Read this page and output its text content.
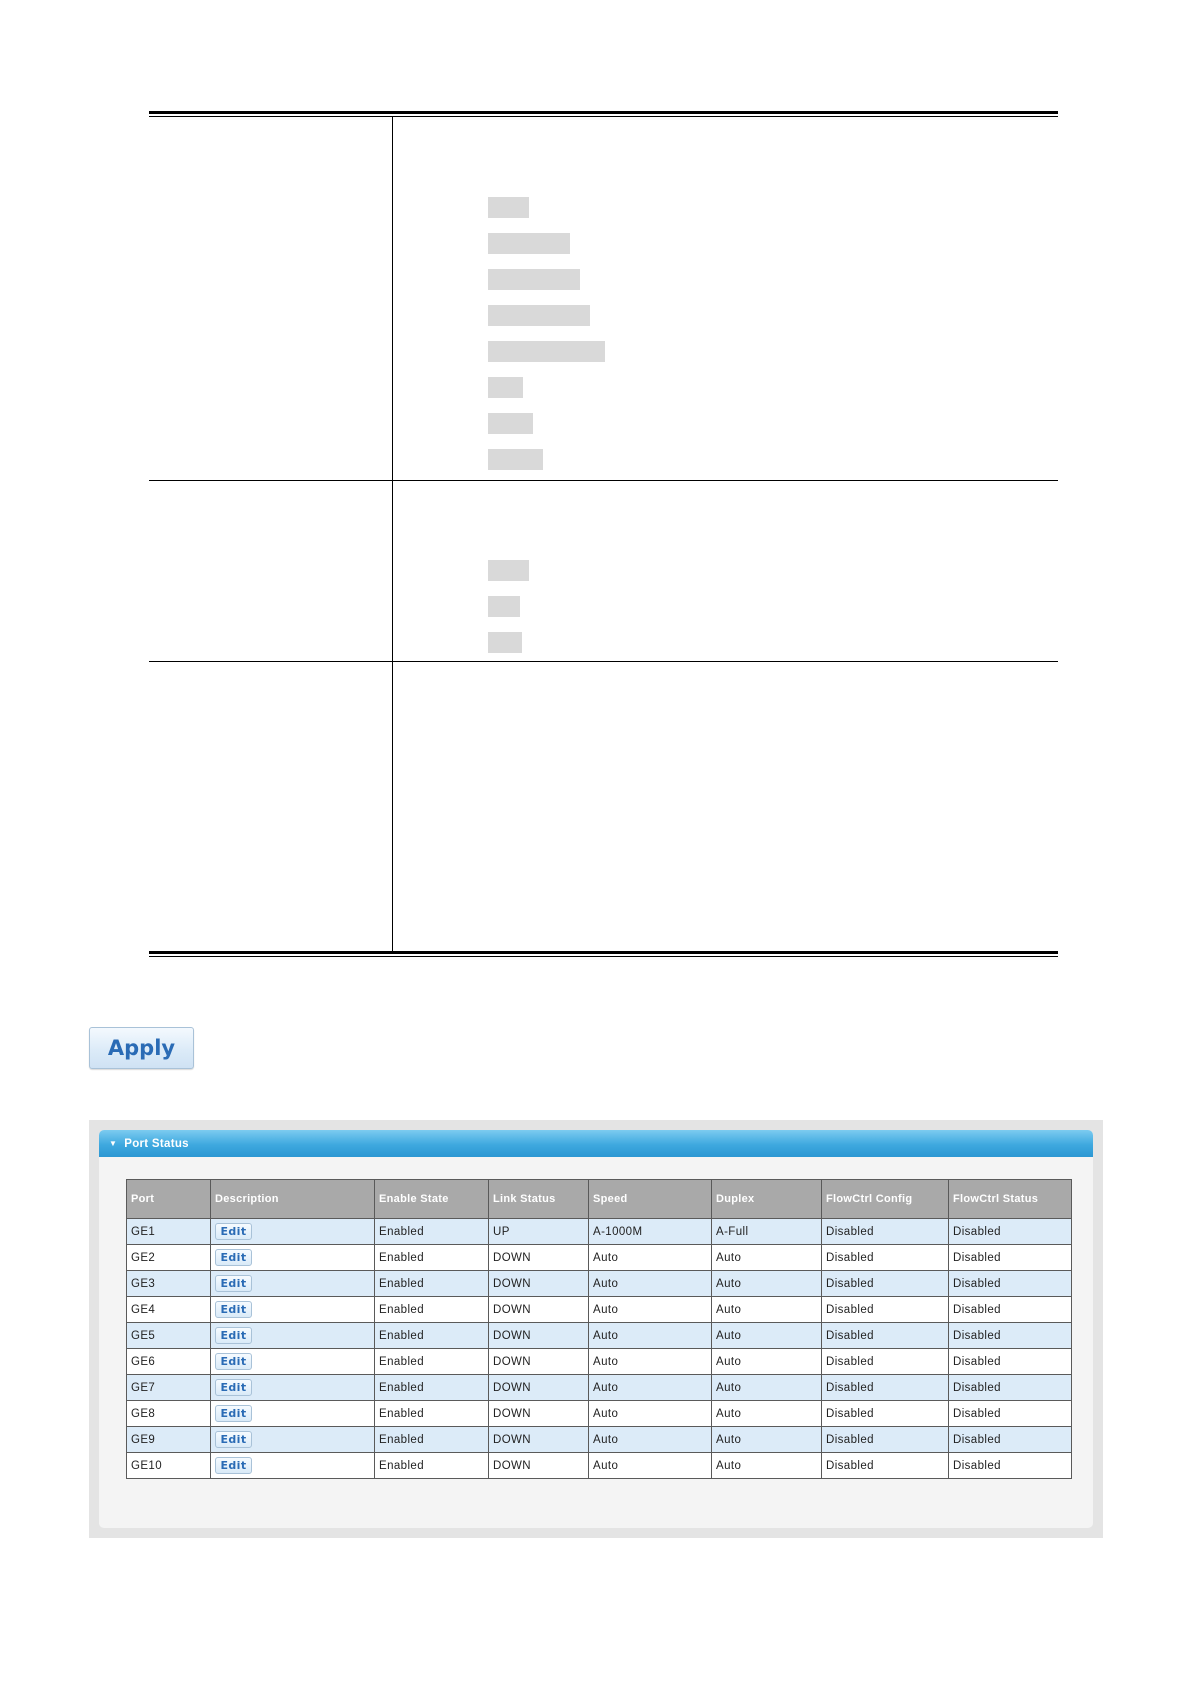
Apply
▼ Port Status
Port	Description	Enable State	Link Status	Speed	Duplex	FlowCtrl Config	FlowCtrl Status
GE1	Edit	Enabled	UP	A-1000M	A-Full	Disabled	Disabled
GE2	Edit	Enabled	DOWN	Auto	Auto	Disabled	Disabled
GE3	Edit	Enabled	DOWN	Auto	Auto	Disabled	Disabled
GE4	Edit	Enabled	DOWN	Auto	Auto	Disabled	Disabled
GE5	Edit	Enabled	DOWN	Auto	Auto	Disabled	Disabled
GE6	Edit	Enabled	DOWN	Auto	Auto	Disabled	Disabled
GE7	Edit	Enabled	DOWN	Auto	Auto	Disabled	Disabled
GE8	Edit	Enabled	DOWN	Auto	Auto	Disabled	Disabled
GE9	Edit	Enabled	DOWN	Auto	Auto	Disabled	Disabled
GE10	Edit	Enabled	DOWN	Auto	Auto	Disabled	Disabled
